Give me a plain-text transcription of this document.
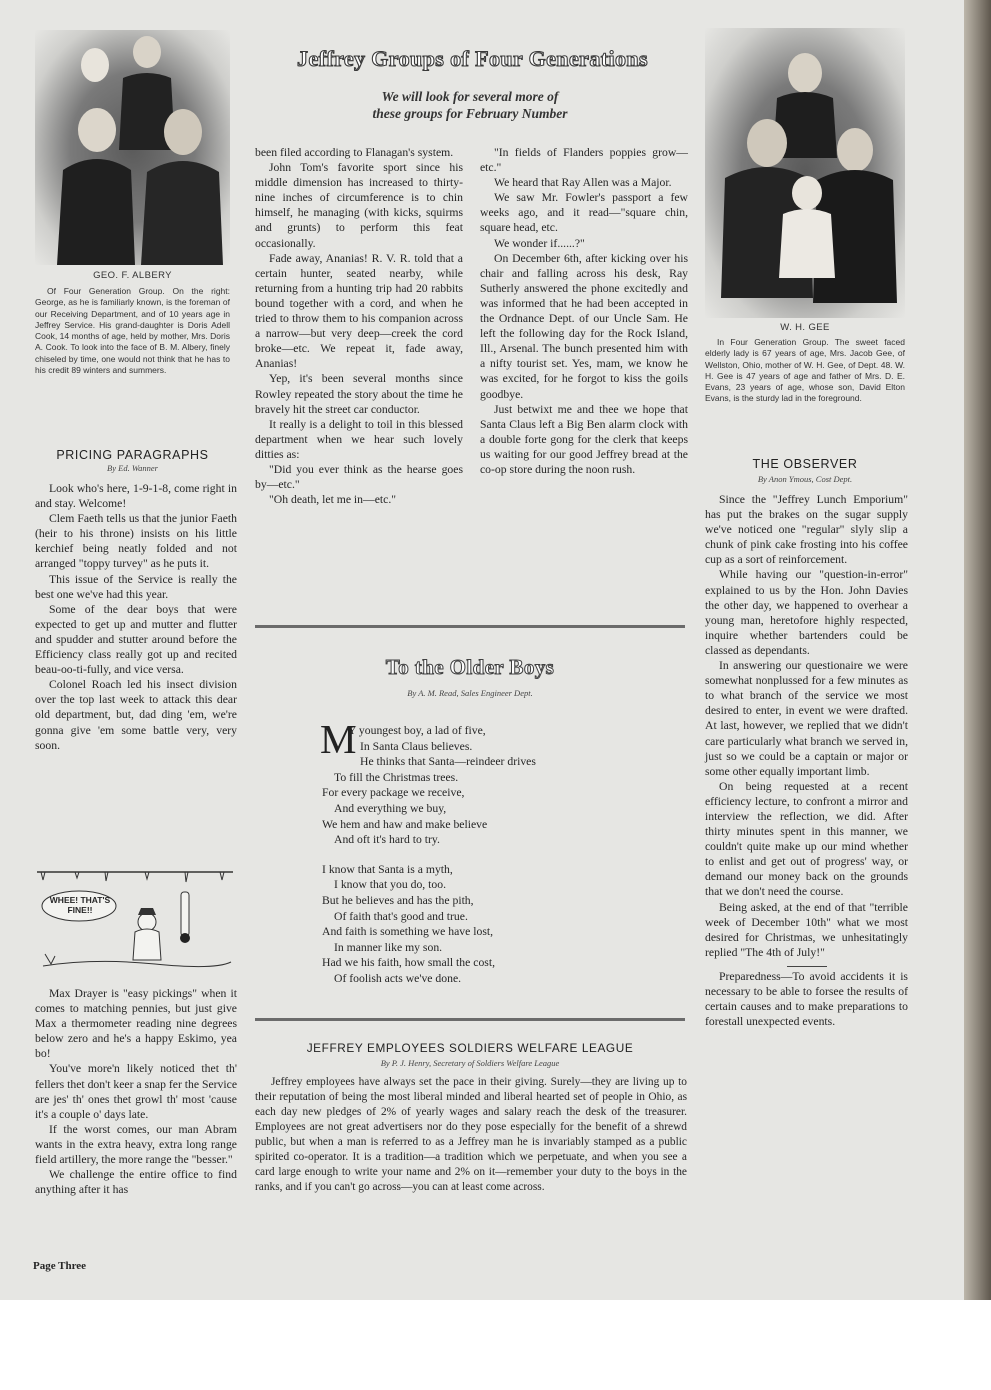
Jeffrey Groups of Four Generations
We will look for several more of
these groups for February Number
GEO. F. ALBERY
Of Four Generation Group. On the right: George, as he is familiarly known, is the foreman of our Receiving Department, and of 10 years age in Jeffrey Service. His grand-daughter is Doris Adell Cook, 14 months of age, held by mother, Mrs. Doris A. Cook. To look into the face of B. M. Albery, finely chiseled by time, one would not think that he has to his credit 89 winters and summers.
PRICING PARAGRAPHS
By Ed. Wanner

Look who's here, 1-9-1-8, come right in and stay. Welcome!

Clem Faeth tells us that the junior Faeth (heir to his throne) insists on his little kerchief being neatly folded and not arranged "toppy turvey" as he puts it.

This issue of the Service is really the best one we've had this year.

Some of the dear boys that were expected to get up and mutter and flutter and spudder and stutter around before the Efficiency class really got up and recited beau-oo-ti-fully, and vice versa.

Colonel Roach led his insect division over the top last week to attack this dear old department, but, dad ding 'em, we're gonna give 'em some battle very, very soon.

WHEE! THAT'S
FINE!!

Max Drayer is "easy pickings" when it comes to matching pennies, but just give Max a thermometer reading nine degrees below zero and he's a happy Eskimo, yea bo!

You've more'n likely noticed thet th' fellers thet don't keer a snap fer the Service are jes' th' ones thet growl th' most 'cause it's a couple o' days late.

If the worst comes, our man Abram wants in the extra heavy, extra long range field artillery, the more range the "besser."

We challenge the entire office to find anything after it has

been filed according to Flanagan's system.

John Tom's favorite sport since his middle dimension has increased to thirty-nine inches of circumference is to chin himself, he managing (with kicks, squirms and grunts) to perform this feat occasionally.

Fade away, Ananias! R. V. R. told that a certain hunter, seated nearby, while returning from a hunting trip had 20 rabbits bound together with a cord, and when he tried to throw them to his companion across a narrow—but very deep—creek the cord broke—etc. We repeat it, fade away, Ananias!

Yep, it's been several months since Rowley repeated the story about the time he bravely hit the street car conductor.

It really is a delight to toil in this blessed department when we hear such lovely ditties as:

"Did you ever think as the hearse goes by—etc."

"Oh death, let me in—etc."

"In fields of Flanders poppies grow—etc."

We heard that Ray Allen was a Major.

We saw Mr. Fowler's passport a few weeks ago, and it read—"square chin, square head, etc.

We wonder if......?"

On December 6th, after kicking over his chair and falling across his desk, Ray Sutherly answered the phone excitedly and was informed that he had been accepted in the Ordnance Dept. of our Uncle Sam. He left the following day for the Rock Island, Ill., Arsenal. The bunch presented him with a nifty tourist set. Yes, mam, we know he was excited, for he forgot to kiss the goils goodbye.

Just betwixt me and thee we hope that Santa Claus left a Big Ben alarm clock with a double forte gong for the clerk that keeps us waiting for our good Jeffrey bread at the co-op store during the noon rush.

To the Older Boys
By A. M. Read, Sales Engineer Dept.
M
Y youngest boy, a lad of five,
In Santa Claus believes.
He thinks that Santa—reindeer drives
To fill the Christmas trees.
For every package we receive,
And everything we buy,
We hem and haw and make believe
And oft it's hard to try.
I know that Santa is a myth,
I know that you do, too.
But he believes and has the pith,
Of faith that's good and true.
And faith is something we have lost,
In manner like my son.
Had we his faith, how small the cost,
Of foolish acts we've done.
JEFFREY EMPLOYEES SOLDIERS WELFARE LEAGUE
By P. J. Henry, Secretary of Soldiers Welfare League

Jeffrey employees have always set the pace in their giving. Surely—they are living up to their reputation of being the most liberal minded and liberal hearted set of people in Ohio, as each day new pledges of 2% of yearly wages and salary reach the desk of the treasurer. Employees are not great advertisers nor do they pose especially for the benefit of a shrewd public, but when a man is referred to as a Jeffrey man he is invariably stamped as a public spirited co-operator. It is a tradition—a tradition which we perpetuate, and when you see a card large enough to write your name and 2% on it—remember your duty to the boys in the ranks, and if you can't go across—you can at least come across.

W. H. GEE
In Four Generation Group. The sweet faced elderly lady is 67 years of age, Mrs. Jacob Gee, of Wellston, Ohio, mother of W. H. Gee, of Dept. 48. W. H. Gee is 47 years of age and father of Mrs. D. E. Evans, 23 years of age, whose son, David Elton Evans, is the sturdy lad in the foreground.
THE OBSERVER
By Anon Ymous, Cost Dept.

Since the "Jeffrey Lunch Emporium" has put the brakes on the sugar supply we've noticed one "regular" slyly slip a chunk of pink cake frosting into his coffee cup as a sort of reinforcement.

While having our "question-in-error" explained to us by the Hon. John Davies the other day, we happened to overhear a young man, heretofore highly respected, inquire whether bartenders could be classed as dependants.

In answering our questionaire we were somewhat nonplussed for a few minutes as to what branch of the service we most desired to enter, in event we were drafted. At last, however, we replied that we didn't care particularly what branch we served in, just so we could be a captain or major or some other equally important limb.

On being requested at a recent efficiency lecture, to confront a mirror and interview the reflection, we did. After thirty minutes spent in this manner, we couldn't quite make up our mind whether to enlist and get out of progress' way, or demand our money back on the grounds that we don't need the course.

Being asked, at the end of that "terrible week of December 10th" what we most desired for Christmas, we unhesitatingly replied "The 4th of July!"

Preparedness—To avoid accidents it is necessary to be able to forsee the results of certain causes and to make preparations to forestall unexpected events.

Page Three
